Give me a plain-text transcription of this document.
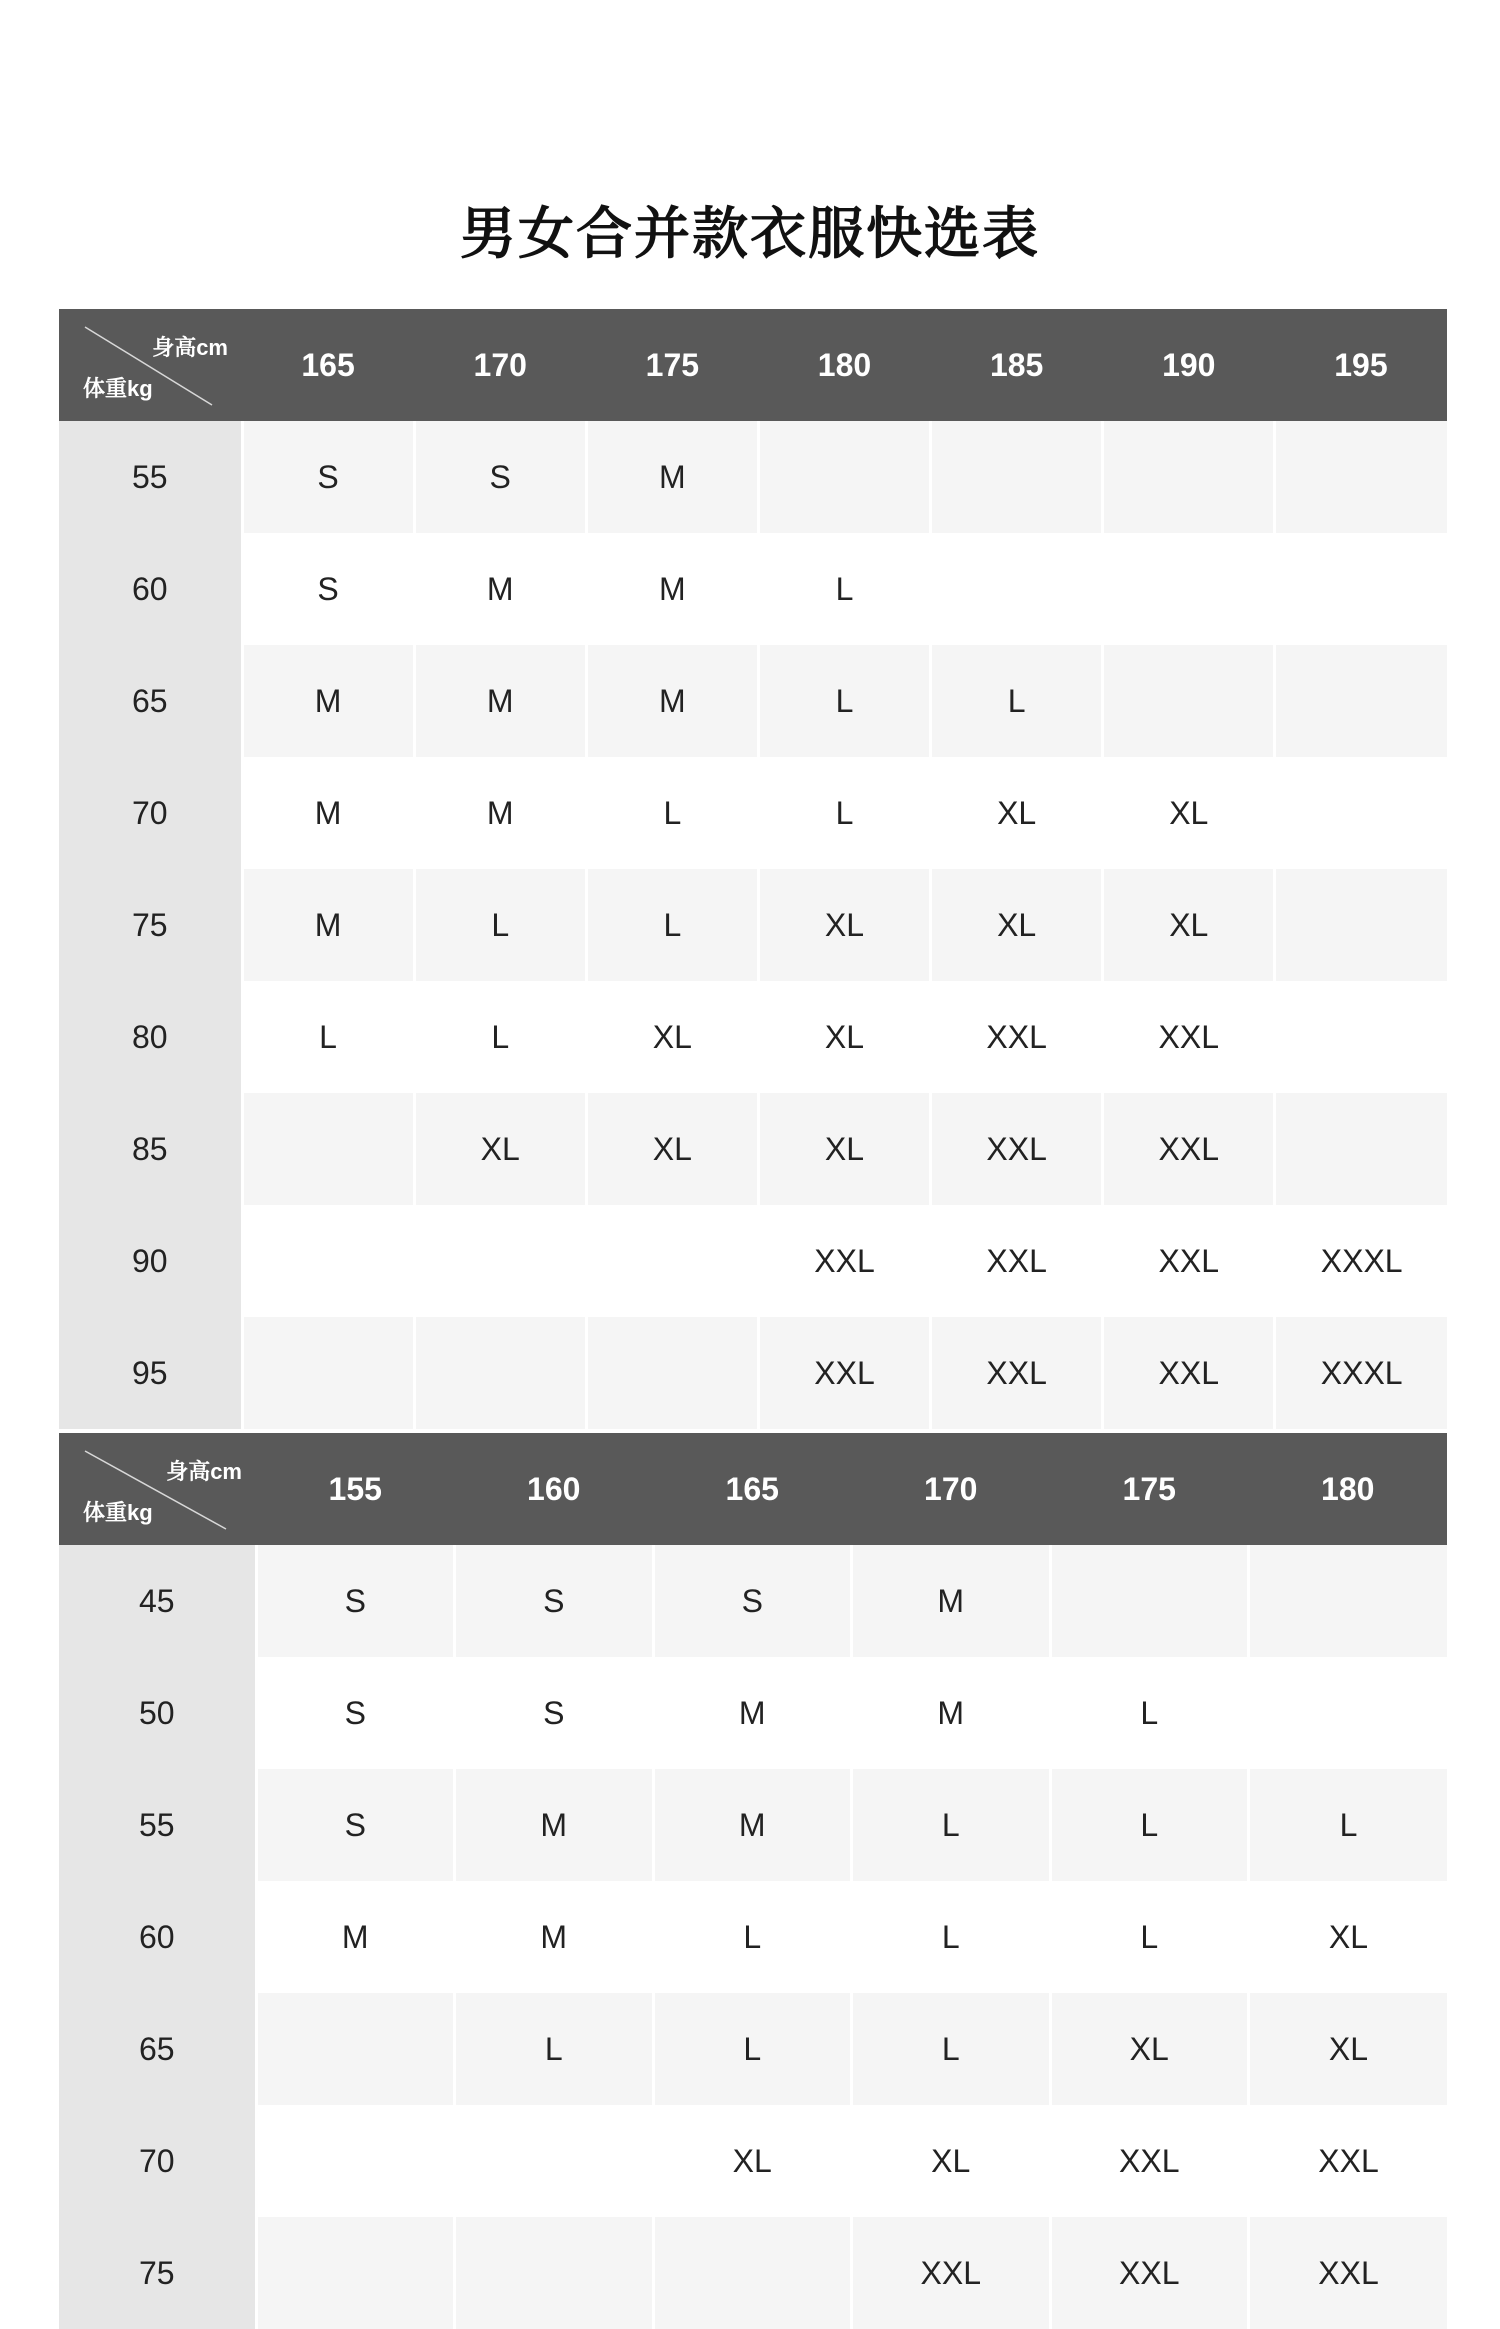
男女合并款衣服快选表
身高cm
体重kg	165	170	175	180	185	190	195
55	S	S	M				
60	S	M	M	L			
65	M	M	M	L	L		
70	M	M	L	L	XL	XL	
75	M	L	L	XL	XL	XL	
80	L	L	XL	XL	XXL	XXL	
85		XL	XL	XL	XXL	XXL	
90				XXL	XXL	XXL	XXXL
95				XXL	XXL	XXL	XXXL
身高cm
体重kg	155	160	165	170	175	180
45	S	S	S	M		
50	S	S	M	M	L	
55	S	M	M	L	L	L
60	M	M	L	L	L	XL
65		L	L	L	XL	XL
70			XL	XL	XXL	XXL
75				XXL	XXL	XXL
